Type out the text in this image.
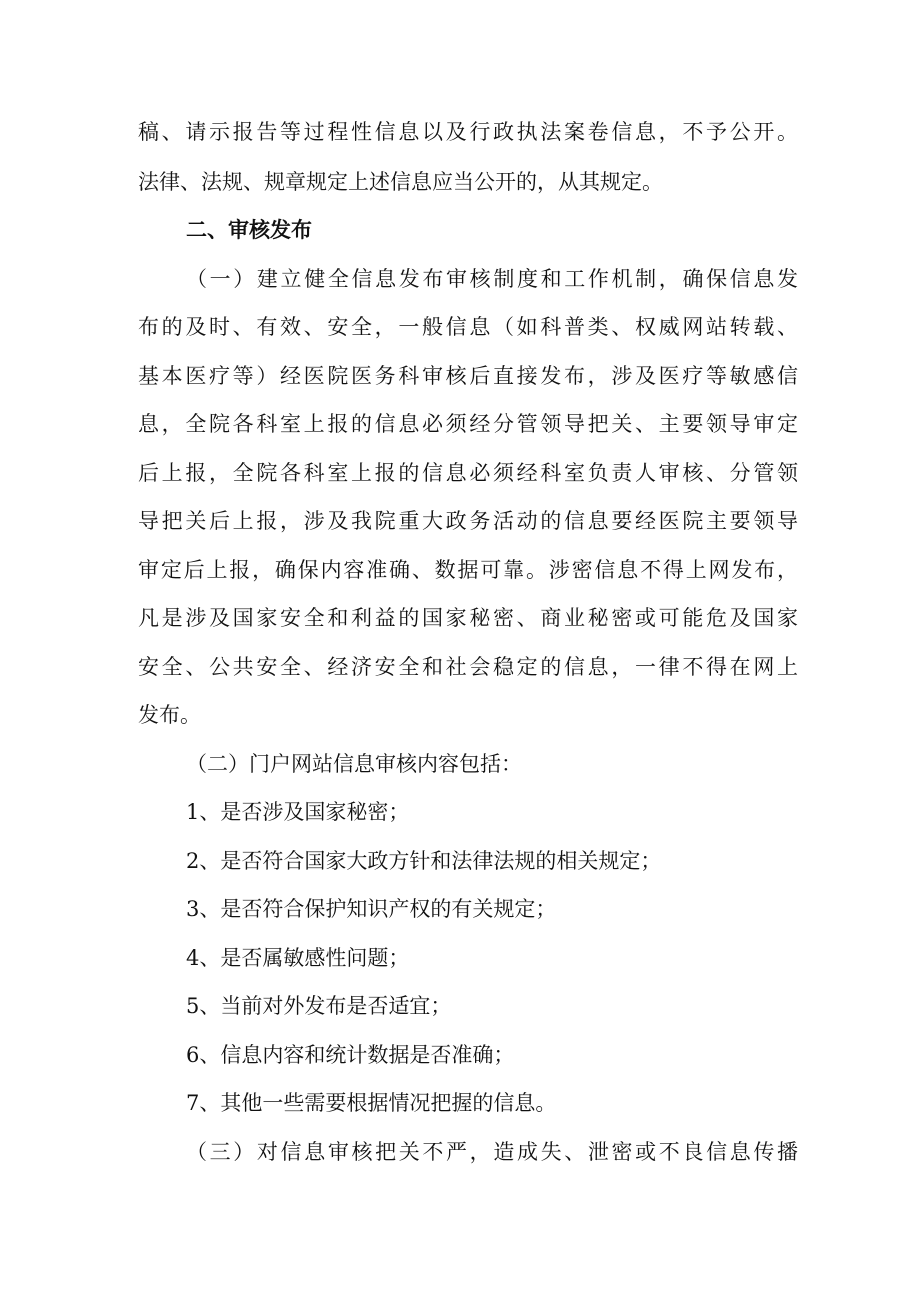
稿、请示报告等过程性信息以及行政执法案卷信息，不予公开。
法律、法规、规章规定上述信息应当公开的，从其规定。
二、审核发布
（一）建立健全信息发布审核制度和工作机制，确保信息发
布的及时、有效、安全，一般信息（如科普类、权威网站转载、
基本医疗等）经医院医务科审核后直接发布，涉及医疗等敏感信
息，全院各科室上报的信息必须经分管领导把关、主要领导审定
后上报，全院各科室上报的信息必须经科室负责人审核、分管领
导把关后上报，涉及我院重大政务活动的信息要经医院主要领导
审定后上报，确保内容准确、数据可靠。涉密信息不得上网发布，
凡是涉及国家安全和利益的国家秘密、商业秘密或可能危及国家
安全、公共安全、经济安全和社会稳定的信息，一律不得在网上
发布。
（二）门户网站信息审核内容包括：
1、是否涉及国家秘密；
2、是否符合国家大政方针和法律法规的相关规定；
3、是否符合保护知识产权的有关规定；
4、是否属敏感性问题；
5、当前对外发布是否适宜；
6、信息内容和统计数据是否准确；
7、其他一些需要根据情况把握的信息。
（三）对信息审核把关不严，造成失、泄密或不良信息传播
